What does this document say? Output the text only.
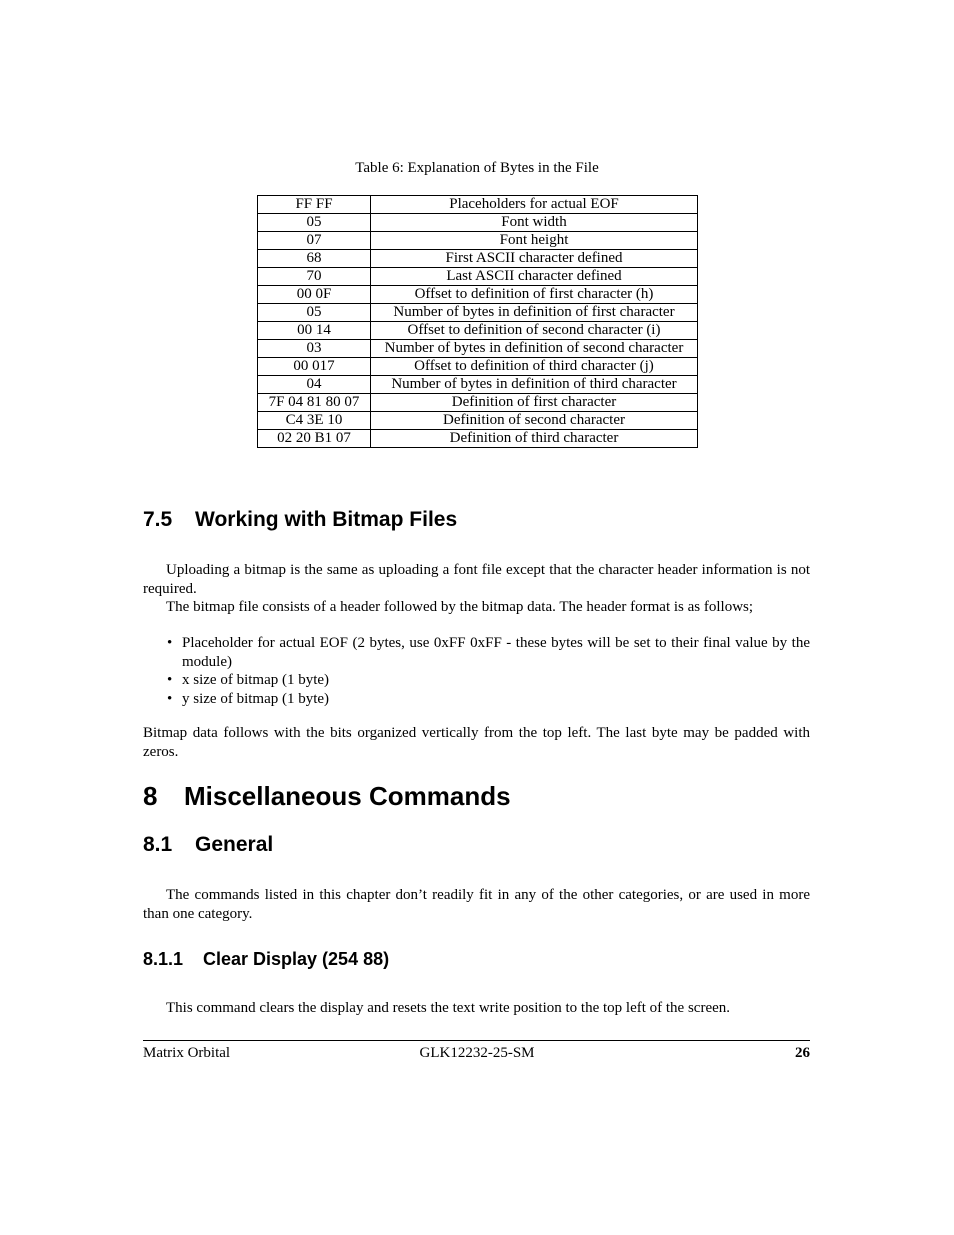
Table 6: Explanation of Bytes in the File
FF FF	Placeholders for actual EOF
05	Font width
07	Font height
68	First ASCII character defined
70	Last ASCII character defined
00 0F	Offset to definition of first character (h)
05	Number of bytes in definition of first character
00 14	Offset to definition of second character (i)
03	Number of bytes in definition of second character
00 017	Offset to definition of third character (j)
04	Number of bytes in definition of third character
7F 04 81 80 07	Definition of first character
C4 3E 10	Definition of second character
02 20 B1 07	Definition of third character
7.5 Working with Bitmap Files
Uploading a bitmap is the same as uploading a font file except that the character header information is not required.
The bitmap file consists of a header followed by the bitmap data. The header format is as follows;
• Placeholder for actual EOF (2 bytes, use 0xFF 0xFF - these bytes will be set to their final value by the module)
• x size of bitmap (1 byte)
• y size of bitmap (1 byte)
Bitmap data follows with the bits organized vertically from the top left. The last byte may be padded with zeros.
8 Miscellaneous Commands
8.1 General
The commands listed in this chapter don’t readily fit in any of the other categories, or are used in more than one category.
8.1.1 Clear Display (254 88)
This command clears the display and resets the text write position to the top left of the screen.
Matrix Orbital	GLK12232-25-SM	26
